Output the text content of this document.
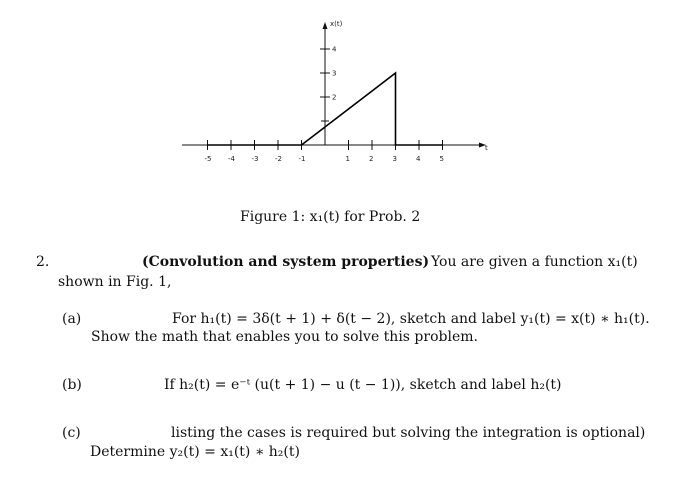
x(t)
t
-5 -4 -3 -2 -1	1	2	3	4	5
2
3
4
Figure 1: x₁(t) for Prob. 2
2.	(Convolution and system properties) You are given a function x₁(t)
shown in Fig. 1,
(a)	For h₁(t) = 3δ(t + 1) + δ(t − 2), sketch and label y₁(t) = x(t) ∗ h₁(t).
Show the math that enables you to solve this problem.
(b)	If h₂(t) = e⁻ᵗ (u(t + 1) − u (t − 1)), sketch and label h₂(t)
(c)	listing the cases is required but solving the integration is optional)
Determine y₂(t) = x₁(t) ∗ h₂(t)
